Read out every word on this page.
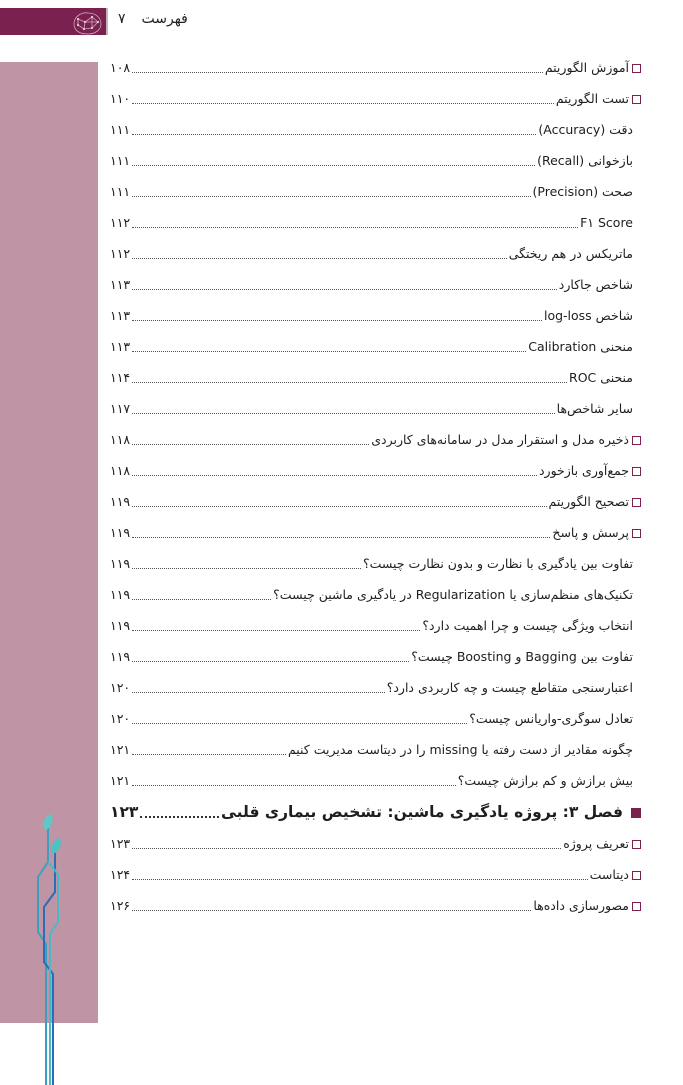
فهرست
۷
آموزش الگوریتم
۱۰۸
تست الگوریتم
۱۱۰
دقت (Accuracy)
۱۱۱
بازخوانی (Recall)
۱۱۱
صحت (Precision)
۱۱۱
F۱ Score
۱۱۲
ماتریکس در هم ریختگی
۱۱۲
شاخص جاکارد
۱۱۳
شاخص log-loss
۱۱۳
منحنی Calibration
۱۱۳
منحنی ROC
۱۱۴
سایر شاخص‌ها
۱۱۷
ذخیره مدل و استقرار مدل در سامانه‌های کاربردی
۱۱۸
جمع‌آوری بازخورد
۱۱۸
تصحیح الگوریتم
۱۱۹
پرسش و پاسخ
۱۱۹
تفاوت بین یادگیری با نظارت و بدون نظارت چیست؟
۱۱۹
تکنیک‌های منظم‌سازی یا Regularization در یادگیری ماشین چیست؟
۱۱۹
انتخاب ویژگی چیست و چرا اهمیت دارد؟
۱۱۹
تفاوت بین Bagging و Boosting چیست؟
۱۱۹
اعتبارسنجی متقاطع چیست و چه کاربردی دارد؟
۱۲۰
تعادل سوگری-واریانس چیست؟
۱۲۰
چگونه مقادیر از دست رفته یا missing را در دیتاست مدیریت کنیم
۱۲۱
بیش برازش و کم برازش چیست؟
۱۲۱
فصل ۳: پروژه یادگیری ماشین: تشخیص بیماری قلبی
۱۲۳
تعریف پروژه
۱۲۳
دیتاست
۱۲۴
مصورسازی داده‌ها
۱۲۶
